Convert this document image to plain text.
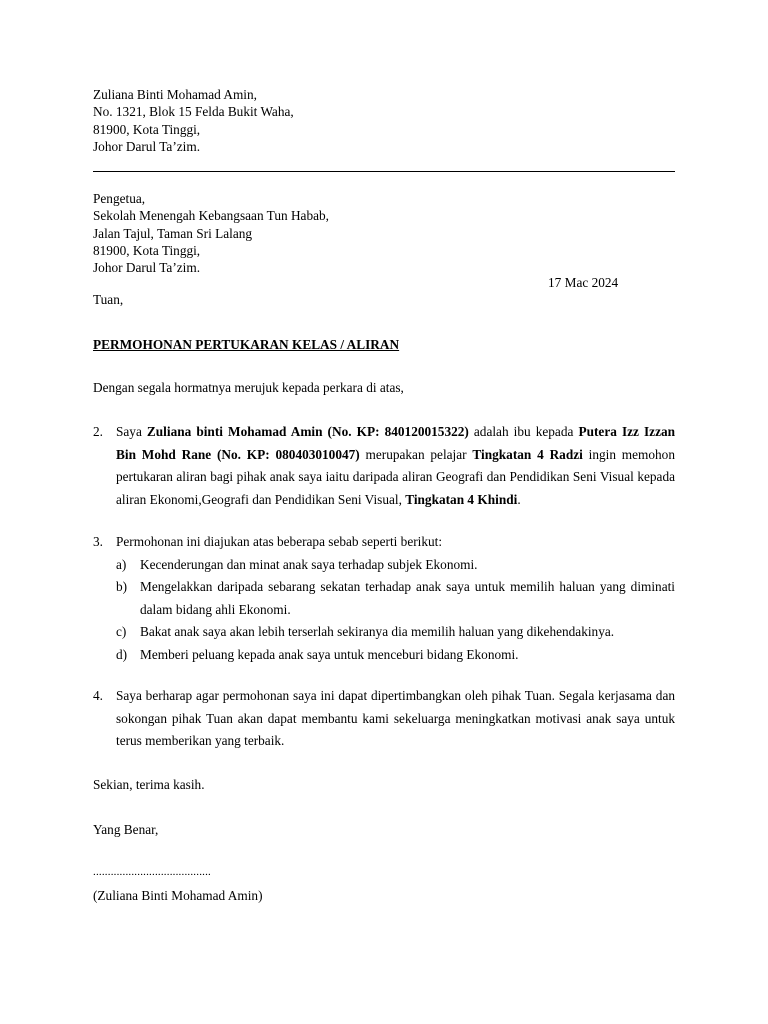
Zuliana Binti Mohamad Amin,
No. 1321, Blok 15 Felda Bukit Waha,
81900, Kota Tinggi,
Johor Darul Ta’zim.
Pengetua,
Sekolah Menengah Kebangsaan Tun Habab,
Jalan Tajul, Taman Sri Lalang
81900, Kota Tinggi,
Johor Darul Ta’zim.
17 Mac 2024
Tuan,
PERMOHONAN PERTUKARAN KELAS / ALIRAN
Dengan segala hormatnya merujuk kepada perkara di atas,
2. Saya Zuliana binti Mohamad Amin (No. KP: 840120015322) adalah ibu kepada Putera Izz Izzan Bin Mohd Rane (No. KP: 080403010047) merupakan pelajar Tingkatan 4 Radzi ingin memohon pertukaran aliran bagi pihak anak saya iaitu daripada aliran Geografi dan Pendidikan Seni Visual kepada aliran Ekonomi,Geografi dan Pendidikan Seni Visual, Tingkatan 4 Khindi.
3. Permohonan ini diajukan atas beberapa sebab seperti berikut:
a) Kecenderungan dan minat anak saya terhadap subjek Ekonomi.
b) Mengelakkan daripada sebarang sekatan terhadap anak saya untuk memilih haluan yang diminati dalam bidang ahli Ekonomi.
c) Bakat anak saya akan lebih terserlah sekiranya dia memilih haluan yang dikehendakinya.
d) Memberi peluang kepada anak saya untuk menceburi bidang Ekonomi.
4. Saya berharap agar permohonan saya ini dapat dipertimbangkan oleh pihak Tuan. Segala kerjasama dan sokongan pihak Tuan akan dapat membantu kami sekeluarga meningkatkan motivasi anak saya untuk terus memberikan yang terbaik.
Sekian, terima kasih.
Yang Benar,
........................................
(Zuliana Binti Mohamad Amin)
